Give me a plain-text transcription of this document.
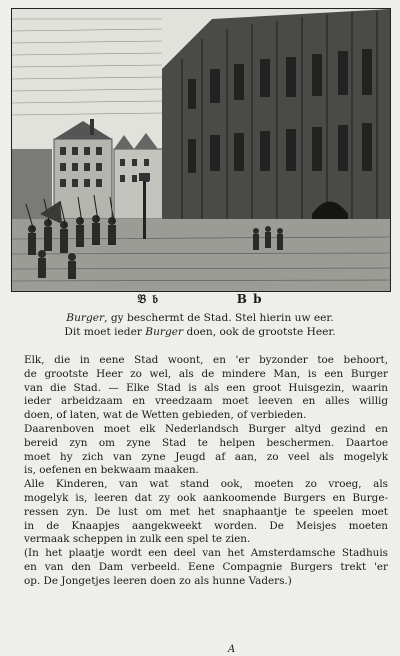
𝔅 𝔟	B b
Burger, gy beschermt de Stad. Stel hierin uw eer.
Dit moet ieder Burger doen, ook de grootste Heer.

Elk, die in eene Stad woont, en 'er byzonder toe behoort,
de grootste Heer zo wel, als de mindere Man, is een Burger
van die Stad. — Elke Stad is als een groot Huisgezin, waarin
ieder arbeidzaam en vreedzaam moet leeven en alles willig
doen, of laten, wat de Wetten gebieden, of verbieden.

Daarenboven moet elk Nederlandsch Burger altyd gezind en
bereid zyn om zyne Stad te helpen beschermen. Daartoe
moet hy zich van zyne Jeugd af aan, zo veel als mogelyk
is, oefenen en bekwaam maaken.

Alle Kinderen, van wat stand ook, moeten zo vroeg, als
mogelyk is, leeren dat zy ook aankoomende Burgers en Burge-
ressen zyn. De lust om met het snaphaantje te speelen moet
in de Knaapjes aangekweekt worden. De Meisjes moeten
vermaak scheppen in zulk een spel te zien.

(In het plaatje wordt een deel van het Amsterdamsche Stadhuis
en van den Dam verbeeld. Eene Compagnie Burgers trekt 'er
op. De Jongetjes leeren doen zo als hunne Vaders.)

A
